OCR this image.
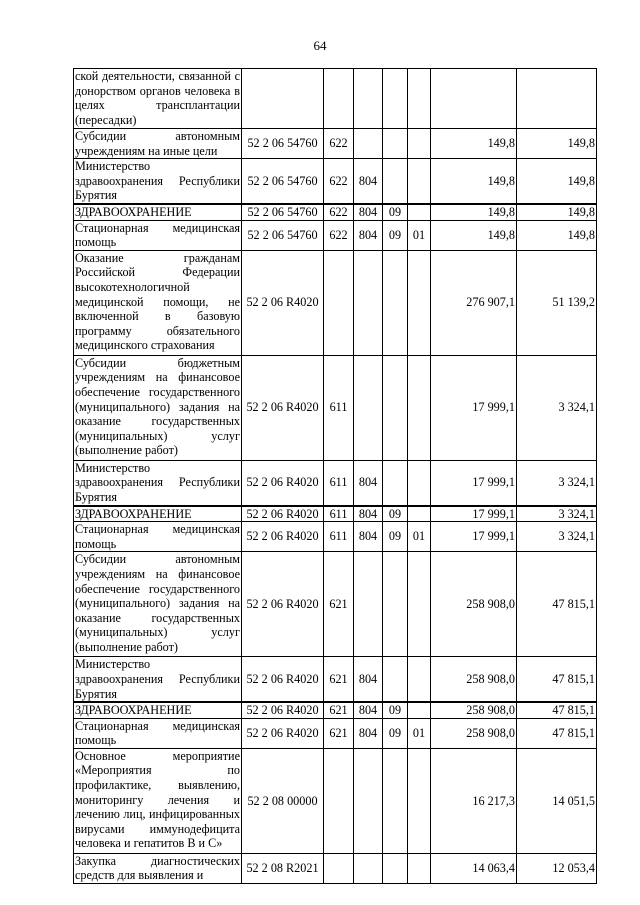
64
ской деятельности, связанной с донорством органов человека в целях трансплантации (пересадки)							
Субсидии автономным учреждениям на иные цели	52 2 06 54760	622				149,8	149,8
Министерство здравоохранения Республики Бурятия	52 2 06 54760	622	804			149,8	149,8
ЗДРАВООХРАНЕНИЕ	52 2 06 54760	622	804	09		149,8	149,8
Стационарная медицинская помощь	52 2 06 54760	622	804	09	01	149,8	149,8
Оказание гражданам Российской Федерации высокотехнологичной медицинской помощи, не включенной в базовую программу обязательного медицинского страхования	52 2 06 R4020					276 907,1	51 139,2
Субсидии бюджетным учреждениям на финансовое обеспечение государственного (муниципального) задания на оказание государственных (муниципальных) услуг (выполнение работ)	52 2 06 R4020	611				17 999,1	3 324,1
Министерство здравоохранения Республики Бурятия	52 2 06 R4020	611	804			17 999,1	3 324,1
ЗДРАВООХРАНЕНИЕ	52 2 06 R4020	611	804	09		17 999,1	3 324,1
Стационарная медицинская помощь	52 2 06 R4020	611	804	09	01	17 999,1	3 324,1
Субсидии автономным учреждениям на финансовое обеспечение государственного (муниципального) задания на оказание государственных (муниципальных) услуг (выполнение работ)	52 2 06 R4020	621				258 908,0	47 815,1
Министерство здравоохранения Республики Бурятия	52 2 06 R4020	621	804			258 908,0	47 815,1
ЗДРАВООХРАНЕНИЕ	52 2 06 R4020	621	804	09		258 908,0	47 815,1
Стационарная медицинская помощь	52 2 06 R4020	621	804	09	01	258 908,0	47 815,1
Основное мероприятие «Мероприятия по профилактике, выявлению, мониторингу лечения и лечению лиц, инфицированных вирусами иммунодефицита человека и гепатитов В и С»	52 2 08 00000					16 217,3	14 051,5
Закупка диагностических средств для выявления и	52 2 08 R2021					14 063,4	12 053,4
